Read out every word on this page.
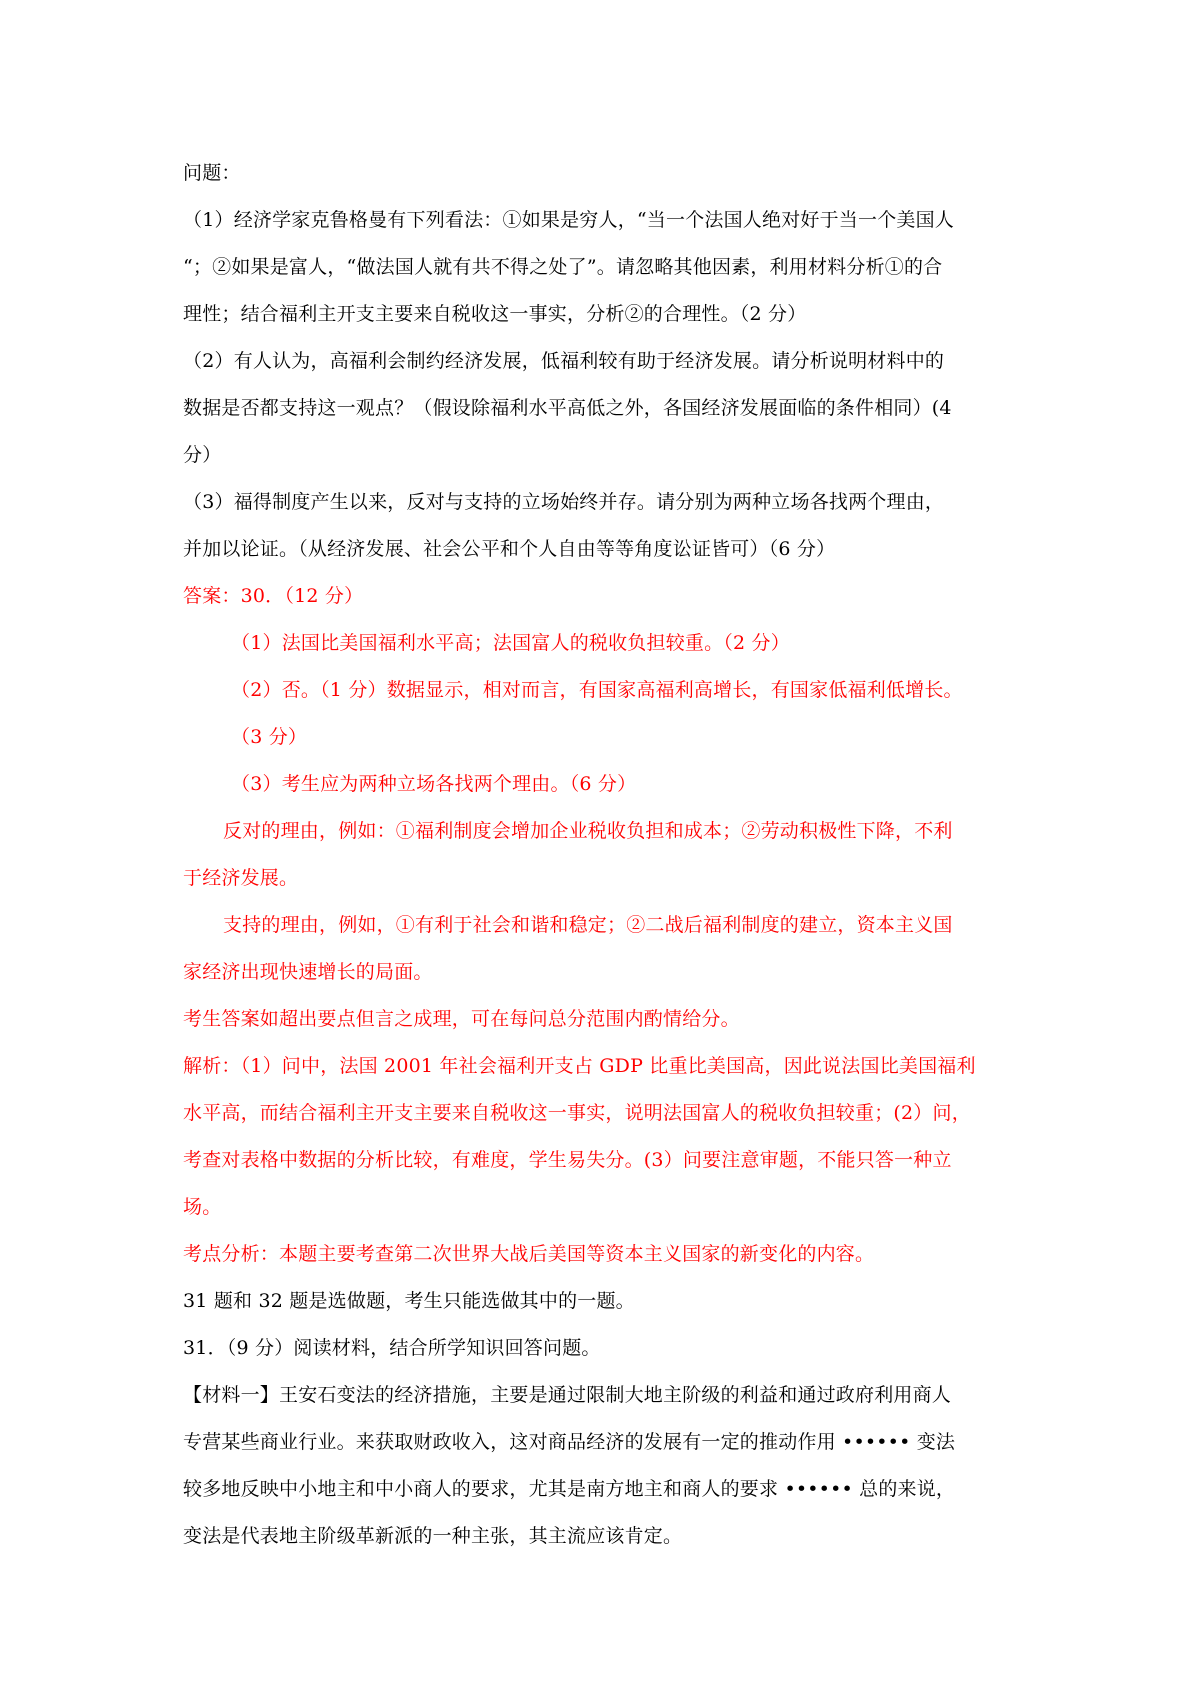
问题：
（1）经济学家克鲁格曼有下列看法：①如果是穷人，“当一个法国人绝对好于当一个美国人
“；②如果是富人，“做法国人就有共不得之处了”。请忽略其他因素，利用材料分析①的合
理性；结合福利主开支主要来自税收这一事实，分析②的合理性。（2 分）
（2）有人认为，高福利会制约经济发展，低福利较有助于经济发展。请分析说明材料中的
数据是否都支持这一观点？（假设除福利水平高低之外，各国经济发展面临的条件相同）(4
分）
（3）福得制度产生以来，反对与支持的立场始终并存。请分别为两种立场各找两个理由，
并加以论证。（从经济发展、社会公平和个人自由等等角度讼证皆可）（6 分）
答案：30．（12 分）
（1）法国比美国福利水平高；法国富人的税收负担较重。（2 分）
（2）否。（1 分）数据显示，相对而言，有国家高福利高增长，有国家低福利低增长。
（3 分）
（3）考生应为两种立场各找两个理由。（6 分）
反对的理由，例如：①福利制度会增加企业税收负担和成本；②劳动积极性下降，不利
于经济发展。
支持的理由，例如，①有利于社会和谐和稳定；②二战后福利制度的建立，资本主义国
家经济出现快速增长的局面。
考生答案如超出要点但言之成理，可在每问总分范围内酌情给分。
解析：（1）问中，法国 2001 年社会福利开支占 GDP 比重比美国高，因此说法国比美国福利
水平高，而结合福利主开支主要来自税收这一事实，说明法国富人的税收负担较重；(2）问，
考查对表格中数据的分析比较，有难度，学生易失分。(3）问要注意审题，不能只答一种立
场。
考点分析：本题主要考查第二次世界大战后美国等资本主义国家的新变化的内容。
31 题和 32 题是选做题，考生只能选做其中的一题。
31．（9 分）阅读材料，结合所学知识回答问题。
【材料一】王安石变法的经济措施，主要是通过限制大地主阶级的利益和通过政府利用商人
专营某些商业行业。来获取财政收入，这对商品经济的发展有一定的推动作用 •••••• 变法
较多地反映中小地主和中小商人的要求，尤其是南方地主和商人的要求 •••••• 总的来说，
变法是代表地主阶级革新派的一种主张，其主流应该肯定。
